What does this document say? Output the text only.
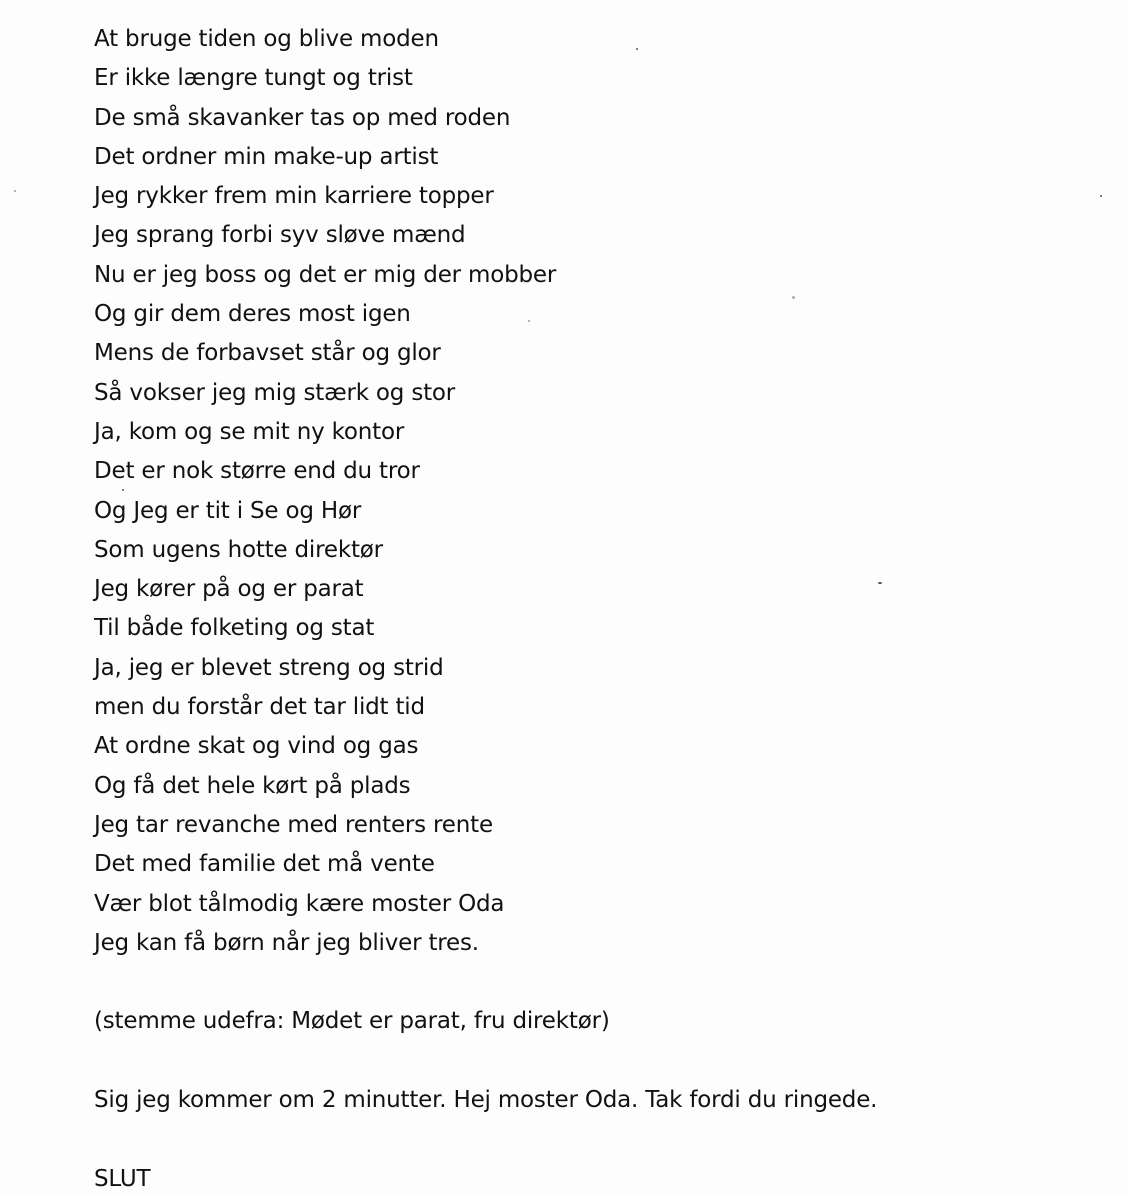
At bruge tiden og blive moden
Er ikke længre tungt og trist
De små skavanker tas op med roden
Det ordner min make-up artist
Jeg rykker frem min karriere topper
Jeg sprang forbi syv sløve mænd
Nu er jeg boss og det er mig der mobber
Og gir dem deres most igen
Mens de forbavset står og glor
Så vokser jeg mig stærk og stor
Ja, kom og se mit ny kontor
Det er nok større end du tror
Og Jeg er tit i Se og Hør
Som ugens hotte direktør
Jeg kører på og er parat
Til både folketing og stat
Ja, jeg er blevet streng og strid
men du forstår det tar lidt tid
At ordne skat og vind og gas
Og få det hele kørt på plads
Jeg tar revanche med renters rente
Det med familie det må vente
Vær blot tålmodig kære moster Oda
Jeg kan få børn når jeg bliver tres.
(stemme udefra: Mødet er parat, fru direktør)
Sig jeg kommer om 2 minutter. Hej moster Oda. Tak fordi du ringede.
SLUT
